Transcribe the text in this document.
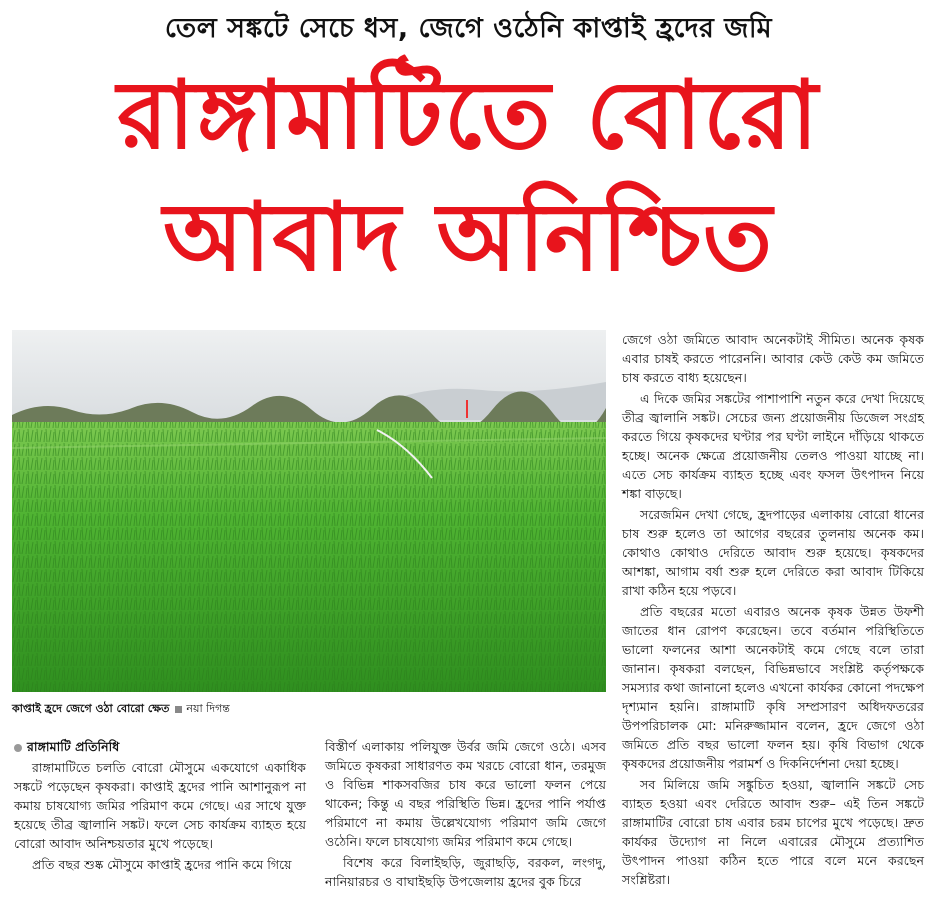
তেল সঙ্কটে সেচে ধস, জেগে ওঠেনি কাপ্তাই হ্রদের জমি
রাঙ্গামাটিতে বোরো
আবাদ অনিশ্চিত
কাপ্তাই হ্রদে জেগে ওঠা বোরো ক্ষেত নয়া দিগন্ত
রাঙ্গামাটি প্রতিনিধি

রাঙ্গামাটিতে চলতি বোরো মৌসুমে একযোগে একাধিক সঙ্কটে পড়েছেন কৃষকরা। কাপ্তাই হ্রদের পানি আশানুরূপ না কমায় চাষযোগ্য জমির পরিমাণ কমে গেছে। এর সাথে যুক্ত হয়েছে তীব্র জ্বালানি সঙ্কট। ফলে সেচ কার্যক্রম ব্যাহত হয়ে বোরো আবাদ অনিশ্চয়তার মুখে পড়েছে।

প্রতি বছর শুষ্ক মৌসুমে কাপ্তাই হ্রদের পানি কমে গিয়ে

বিস্তীর্ণ এলাকায় পলিযুক্ত উর্বর জমি জেগে ওঠে। এসব জমিতে কৃষকরা সাধারণত কম খরচে বোরো ধান, তরমুজ ও বিভিন্ন শাকসবজির চাষ করে ভালো ফলন পেয়ে থাকেন; কিন্তু এ বছর পরিস্থিতি ভিন্ন। হ্রদের পানি পর্যাপ্ত পরিমাণে না কমায় উল্লেখযোগ্য পরিমাণ জমি জেগে ওঠেনি। ফলে চাষযোগ্য জমির পরিমাণ কমে গেছে।

বিশেষ করে বিলাইছড়ি, জুরাছড়ি, বরকল, লংগদু, নানিয়ারচর ও বাঘাইছড়ি উপজেলায় হ্রদের বুক চিরে

জেগে ওঠা জমিতে আবাদ অনেকটাই সীমিত। অনেক কৃষক এবার চাষই করতে পারেননি। আবার কেউ কেউ কম জমিতে চাষ করতে বাধ্য হয়েছেন।

এ দিকে জমির সঙ্কটের পাশাপাশি নতুন করে দেখা দিয়েছে তীব্র জ্বালানি সঙ্কট। সেচের জন্য প্রয়োজনীয় ডিজেল সংগ্রহ করতে গিয়ে কৃষকদের ঘণ্টার পর ঘণ্টা লাইনে দাঁড়িয়ে থাকতে হচ্ছে। অনেক ক্ষেত্রে প্রয়োজনীয় তেলও পাওয়া যাচ্ছে না। এতে সেচ কার্যক্রম ব্যাহত হচ্ছে এবং ফসল উৎপাদন নিয়ে শঙ্কা বাড়ছে।

সরেজমিন দেখা গেছে, হ্রদপাড়ের এলাকায় বোরো ধানের চাষ শুরু হলেও তা আগের বছরের তুলনায় অনেক কম। কোথাও কোথাও দেরিতে আবাদ শুরু হয়েছে। কৃষকদের আশঙ্কা, আগাম বর্ষা শুরু হলে দেরিতে করা আবাদ টিকিয়ে রাখা কঠিন হয়ে পড়বে।

প্রতি বছরের মতো এবারও অনেক কৃষক উন্নত উফশী জাতের ধান রোপণ করেছেন। তবে বর্তমান পরিস্থিতিতে ভালো ফলনের আশা অনেকটাই কমে গেছে বলে তারা জানান। কৃষকরা বলছেন, বিভিন্নভাবে সংশ্লিষ্ট কর্তৃপক্ষকে সমস্যার কথা জানানো হলেও এখনো কার্যকর কোনো পদক্ষেপ দৃশ্যমান হয়নি। রাঙ্গামাটি কৃষি সম্প্রসারণ অধিদফতরের উপপরিচালক মো: মনিরুজ্জামান বলেন, হ্রদে জেগে ওঠা জমিতে প্রতি বছর ভালো ফলন হয়। কৃষি বিভাগ থেকে কৃষকদের প্রয়োজনীয় পরামর্শ ও দিকনির্দেশনা দেয়া হচ্ছে।

সব মিলিয়ে জমি সঙ্কুচিত হওয়া, জ্বালানি সঙ্কটে সেচ ব্যাহত হওয়া এবং দেরিতে আবাদ শুরু– এই তিন সঙ্কটে রাঙ্গামাটির বোরো চাষ এবার চরম চাপের মুখে পড়েছে। দ্রুত কার্যকর উদ্যোগ না নিলে এবারের মৌসুমে প্রত্যাশিত উৎপাদন পাওয়া কঠিন হতে পারে বলে মনে করছেন সংশ্লিষ্টরা।
